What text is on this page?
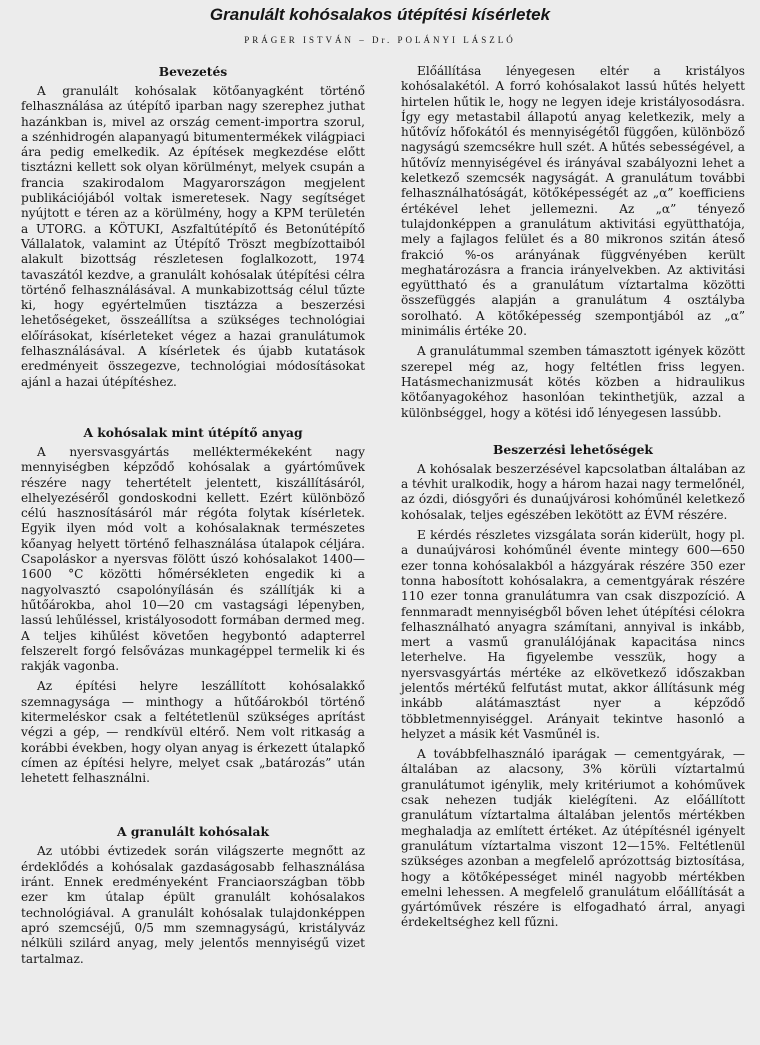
Granulált kohósalakos útépítési kísérletek
PRÁGER ISTVÁN – Dr. POLÁNYI LÁSZLÓ
Bevezetés

A granulált kohósalak kötőanyagként történő felhasználása az útépítő iparban nagy szerephez juthat hazánkban is, mivel az ország cement-importra szorul, a szénhidrogén alapanyagú bitumentermékek világpiaci ára pedig emelkedik. Az építések megkezdése előtt tisztázni kellett sok olyan körülményt, melyek csupán a francia szakirodalom Magyarországon megjelent publikációjából voltak ismeretesek. Nagy segítséget nyújtott e téren az a körülmény, hogy a KPM területén a UTORG. a KÖTUKI, Aszfaltútépítő és Betonútépítő Vállalatok, valamint az Útépítő Tröszt megbízottaiból alakult bizottság részletesen foglalkozott, 1974 tavaszától kezdve, a granulált kohósalak útépítési célra történő felhasználásával. A munkabizottság célul tűzte ki, hogy egyértelműen tisztázza a beszerzési lehetőségeket, összeállítsa a szükséges technológiai előírásokat, kísérleteket végez a hazai granulátumok felhasználásával. A kísérletek és újabb kutatások eredményeit összegezve, technológiai módosításokat ajánl a hazai útépítéshez.

A kohósalak mint útépítő anyag

A nyersvasgyártás melléktermékeként nagy mennyiségben képződő kohósalak a gyártóművek részére nagy tehertételt jelentett, kiszállításáról, elhelyezéséről gondoskodni kellett. Ezért különböző célú hasznosításáról már régóta folytak kísérletek. Egyik ilyen mód volt a kohósalaknak természetes kőanyag helyett történő felhasználása útalapok céljára. Csapoláskor a nyersvas fölött úszó kohósalakot 1400—1600 °C közötti hőmérsékleten engedik ki a nagyolvasztó csapolónyílásán és szállítják ki a hűtőárokba, ahol 10—20 cm vastagsági lépenyben, lassú lehűléssel, kristályosodott formában dermed meg. A teljes kihűlést követően hegybontó adapterrel felszerelt forgó felsővázas munkagéppel termelik ki és rakják vagonba.

Az építési helyre leszállított kohósalakkő szemnagysága — minthogy a hűtőárokból történő kitermeléskor csak a feltétetlenül szükséges aprítást végzi a gép, — rendkívül eltérő. Nem volt ritkaság a korábbi években, hogy olyan anyag is érkezett útalapkő címen az építési helyre, melyet csak „batározás” után lehetett felhasználni.

A granulált kohósalak

Az utóbbi évtizedek során világszerte megnőtt az érdeklődés a kohósalak gazdaságosabb felhasználása iránt. Ennek eredményeként Franciaországban több ezer km útalap épült granulált kohósalakos technológiával. A granulált kohósalak tulajdonképpen apró szemcséjű, 0/5 mm szemnagyságú, kristályváz nélküli szilárd anyag, mely jelentős mennyiségű vizet tartalmaz.

Előállítása lényegesen eltér a kristályos kohósalakétól. A forró kohósalakot lassú hűtés helyett hirtelen hűtik le, hogy ne legyen ideje kristályosodásra. Így egy metastabil állapotú anyag keletkezik, mely a hűtővíz hőfokától és mennyiségétől függően, különböző nagyságú szemcsékre hull szét. A hűtés sebességével, a hűtővíz mennyiségével és irányával szabályozni lehet a keletkező szemcsék nagyságát. A granulátum további felhasználhatóságát, kötőképességét az „α” koefficiens értékével lehet jellemezni. Az „α” tényező tulajdonképpen a granulátum aktivitási együtthatója, mely a fajlagos felület és a 80 mikronos szitán áteső frakció %-os arányának függvényében került meghatározásra a francia irányelvekben. Az aktivitási együttható és a granulátum víztartalma közötti összefüggés alapján a granulátum 4 osztályba sorolható. A kötőképesség szempontjából az „α” minimális értéke 20.

A granulátummal szemben támasztott igények között szerepel még az, hogy feltétlen friss legyen. Hatásmechanizmusát kötés közben a hidraulikus kötőanyagokéhoz hasonlóan tekinthetjük, azzal a különbséggel, hogy a kötési idő lényegesen lassúbb.

Beszerzési lehetőségek

A kohósalak beszerzésével kapcsolatban általában az a tévhit uralkodik, hogy a három hazai nagy termelőnél, az ózdi, diósgyőri és dunaújvárosi kohóműnél keletkező kohósalak, teljes egészében lekötött az ÉVM részére.

E kérdés részletes vizsgálata során kiderült, hogy pl. a dunaújvárosi kohóműnél évente mintegy 600—650 ezer tonna kohósalakból a házgyárak részére 350 ezer tonna habosított kohósalakra, a cementgyárak részére 110 ezer tonna granulátumra van csak diszpozíció. A fennmaradt mennyiségből bőven lehet útépítési célokra felhasználható anyagra számítani, annyival is inkább, mert a vasmű granulálójának kapacitása nincs leterhelve. Ha figyelembe vesszük, hogy a nyersvasgyártás mértéke az elkövetkező időszakban jelentős mértékű felfutást mutat, akkor állításunk még inkább alátámasztást nyer a képződő többletmennyiséggel. Arányait tekintve hasonló a helyzet a másik két Vasműnél is.

A továbbfelhasználó iparágak — cementgyárak, — általában az alacsony, 3% körüli víztartalmú granulátumot igénylik, mely kritériumot a kohóművek csak nehezen tudják kielégíteni. Az előállított granulátum víztartalma általában jelentős mértékben meghaladja az említett értéket. Az útépítésnél igényelt granulátum víztartalma viszont 12—15%. Feltétlenül szükséges azonban a megfelelő aprózottság biztosítása, hogy a kötőképességet minél nagyobb mértékben emelni lehessen. A megfelelő granulátum előállítását a gyártóművek részére is elfogadható árral, anyagi érdekeltséghez kell fűzni.
